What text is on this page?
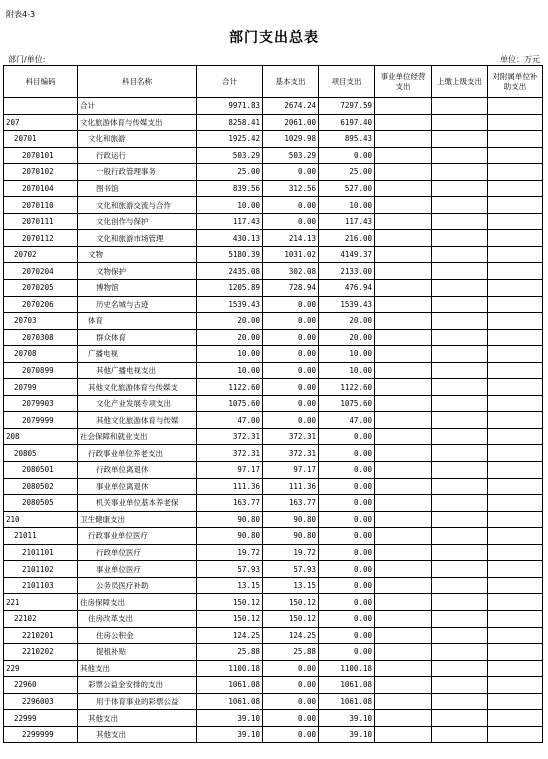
附表4-3
部门支出总表
部门/单位:	单位：万元
科目编码	科目名称	合计	基本支出	项目支出	事业单位经营支出	上缴上级支出	对附属单位补助支出
	合计	9971.83	2674.24	7297.59			
207	文化旅游体育与传媒支出	8258.41	2061.00	6197.40			
20701	文化和旅游	1925.42	1029.98	895.43			
2070101	行政运行	503.29	503.29	0.00			
2070102	一般行政管理事务	25.00	0.00	25.00			
2070104	图书馆	839.56	312.56	527.00			
2070110	文化和旅游交流与合作	10.00	0.00	10.00			
2070111	文化创作与保护	117.43	0.00	117.43			
2070112	文化和旅游市场管理	430.13	214.13	216.00			
20702	文物	5180.39	1031.02	4149.37			
2070204	文物保护	2435.08	302.08	2133.00			
2070205	博物馆	1205.89	728.94	476.94			
2070206	历史名城与古迹	1539.43	0.00	1539.43			
20703	体育	20.00	0.00	20.00			
2070308	群众体育	20.00	0.00	20.00			
20708	广播电视	10.00	0.00	10.00			
2070899	其他广播电视支出	10.00	0.00	10.00			
20799	其他文化旅游体育与传媒支	1122.60	0.00	1122.60			
2079903	文化产业发展专项支出	1075.60	0.00	1075.60			
2079999	其他文化旅游体育与传媒	47.00	0.00	47.00			
208	社会保障和就业支出	372.31	372.31	0.00			
20805	行政事业单位养老支出	372.31	372.31	0.00			
2080501	行政单位离退休	97.17	97.17	0.00			
2080502	事业单位离退休	111.36	111.36	0.00			
2080505	机关事业单位基本养老保	163.77	163.77	0.00			
210	卫生健康支出	90.80	90.80	0.00			
21011	行政事业单位医疗	90.80	90.80	0.00			
2101101	行政单位医疗	19.72	19.72	0.00			
2101102	事业单位医疗	57.93	57.93	0.00			
2101103	公务员医疗补助	13.15	13.15	0.00			
221	住房保障支出	150.12	150.12	0.00			
22102	住房改革支出	150.12	150.12	0.00			
2210201	住房公积金	124.25	124.25	0.00			
2210202	提租补贴	25.88	25.88	0.00			
229	其他支出	1100.18	0.00	1100.18			
22960	彩票公益金安排的支出	1061.08	0.00	1061.08			
2296003	用于体育事业的彩票公益	1061.08	0.00	1061.08			
22999	其他支出	39.10	0.00	39.10			
2299999	其他支出	39.10	0.00	39.10			
